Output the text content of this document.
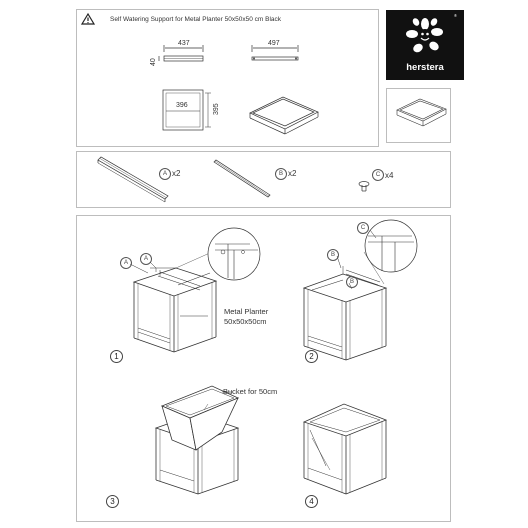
Self Watering Support for Metal Planter 50x50x50 cm Black
437	497
40
396	395
®
herstera
A x2	B x2	C x4
A
A
Metal Planter
50x50x50cm
1
B
B
C
2
Bucket for 50cm
3	4
